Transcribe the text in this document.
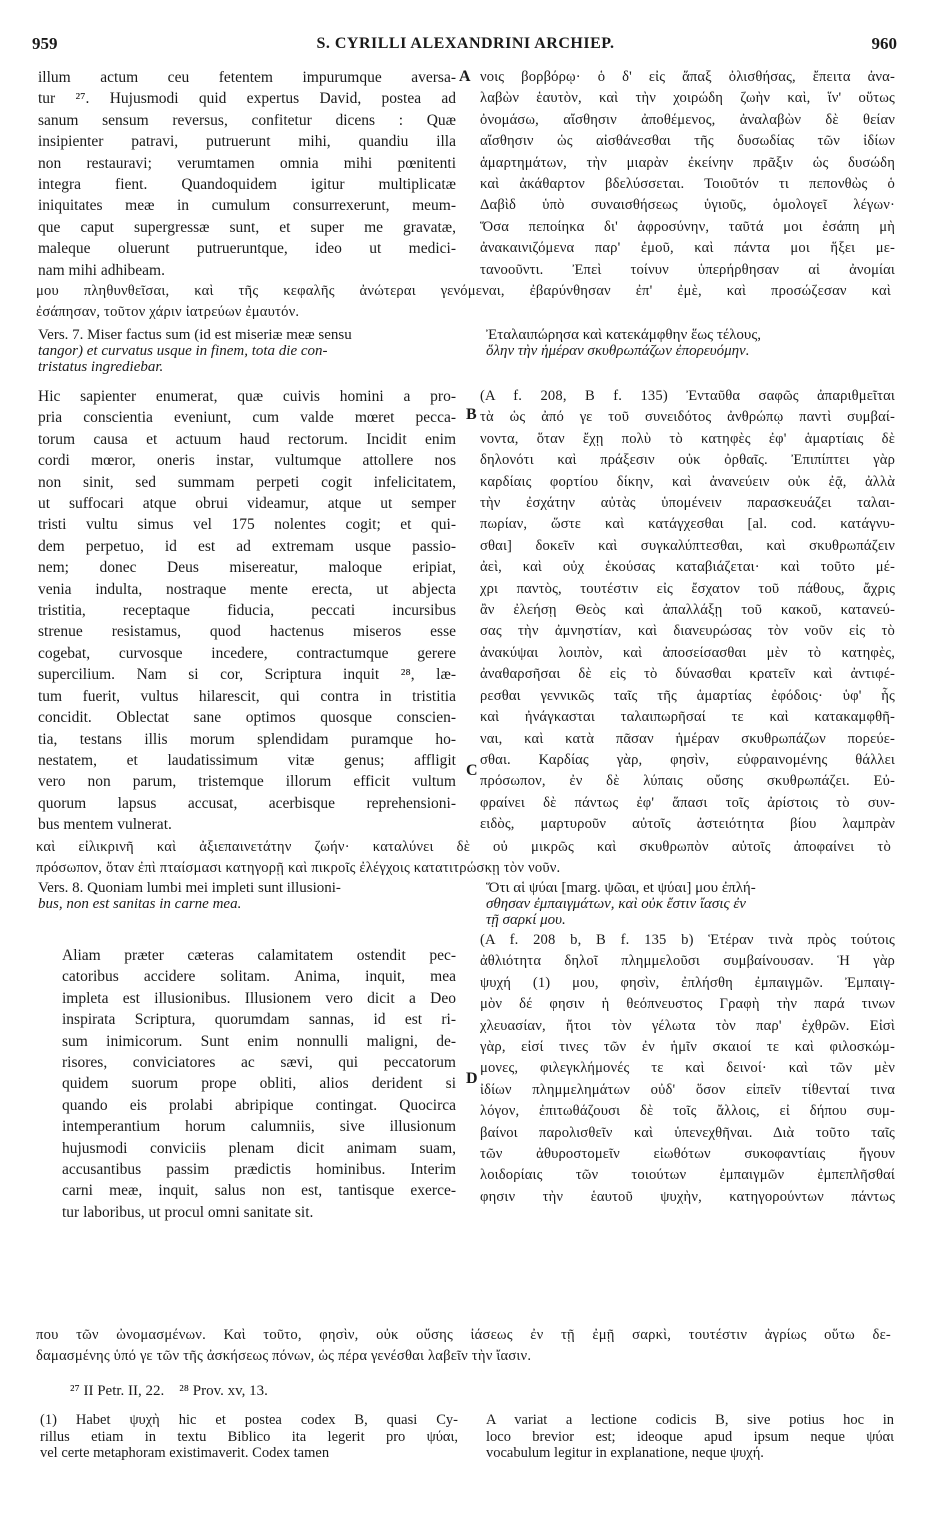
959	S. CYRILLI ALEXANDRINI ARCHIEP.	960
A
B
C
D
illum actum ceu fetentem impurumque aversa-
tur ²⁷. Hujusmodi quid expertus David, postea ad
sanum sensum reversus, confitetur dicens : Quæ
insipienter patravi, putruerunt mihi, quandiu illa
non restauravi; verumtamen omnia mihi pœnitenti
integra fient. Quandoquidem igitur multiplicatæ
iniquitates meæ in cumulum consurrexerunt, meum-
que caput supergressæ sunt, et super me gravatæ,
maleque oluerunt putrueruntque, ideo ut medici-
nam mihi adhibeam.
νοις βορβόρῳ· ὁ δ' εἰς ἅπαξ ὀλισθήσας, ἔπειτα ἀνα-
λαβὼν ἑαυτὸν, καὶ τὴν χοιρώδη ζωὴν καὶ, ἵν' οὕτως
ὀνομάσω, αἴσθησιν ἀποθέμενος, ἀναλαβὼν δὲ θείαν
αἴσθησιν ὡς αἰσθάνεσθαι τῆς δυσωδίας τῶν ἰδίων
ἁμαρτημάτων, τὴν μιαρὰν ἐκείνην πρᾶξιν ὡς δυσώδη
καὶ ἀκάθαρτον βδελύσσεται. Τοιοῦτόν τι πεπονθὼς ὁ
Δαβὶδ ὑπὸ συναισθήσεως ὑγιοῦς, ὁμολογεῖ λέγων·
Ὅσα πεποίηκα δι' ἀφροσύνην, ταῦτά μοι ἐσάπη μὴ
ἀνακαινιζόμενα παρ' ἐμοῦ, καὶ πάντα μοι ἥξει με-
τανοοῦντι. Ἐπεὶ τοίνυν ὑπερήρθησαν αἱ ἀνομίαι
μου πληθυνθεῖσαι, καὶ τῆς κεφαλῆς ἀνώτεραι γενόμεναι, ἐβαρύνθησαν ἐπ' ἐμὲ, καὶ προσώζεσαν καὶ
ἐσάπησαν, τοῦτον χάριν ἰατρεύων ἐμαυτόν.
Vers. 7. Miser factus sum (id est miseriæ meæ sensu
tangor) et curvatus usque in finem, tota die con-
tristatus ingrediebar.
Ἐταλαιπώρησα καὶ κατεκάμφθην ἕως τέλους,
ὅλην τὴν ἡμέραν σκυθρωπάζων ἐπορευόμην.
Hic sapienter enumerat, quæ cuivis homini a pro-
pria conscientia eveniunt, cum valde mœret pecca-
torum causa et actuum haud rectorum. Incidit enim
cordi mœror, oneris instar, vultumque attollere nos
non sinit, sed summam perpeti cogit infelicitatem,
ut suffocari atque obrui videamur, atque ut semper
tristi vultu simus vel 175 nolentes cogit; et qui-
dem perpetuo, id est ad extremam usque passio-
nem; donec Deus misereatur, maloque eripiat,
venia indulta, nostraque mente erecta, ut abjecta
tristitia, receptaque fiducia, peccati incursibus
strenue resistamus, quod hactenus miseros esse
cogebat, curvosque incedere, contractumque gerere
supercilium. Nam si cor, Scriptura inquit ²⁸, læ-
tum fuerit, vultus hilarescit, qui contra in tristitia
concidit. Oblectat sane optimos quosque conscien-
tia, testans illis morum splendidam puramque ho-
nestatem, et laudatissimum vitæ genus; affligit
vero non parum, tristemque illorum efficit vultum
quorum lapsus accusat, acerbisque reprehensioni-
bus mentem vulnerat.
(A f. 208, B f. 135) Ἐνταῦθα σαφῶς ἀπαριθμεῖται
τὰ ὡς ἀπό γε τοῦ συνειδότος ἀνθρώπῳ παντὶ συμβαί-
νοντα, ὅταν ἔχῃ πολὺ τὸ κατηφὲς ἐφ' ἁμαρτίαις δὲ
δηλονότι καὶ πράξεσιν οὐκ ὀρθαῖς. Ἐπιπίπτει γὰρ
καρδίαις φορτίου δίκην, καὶ ἀνανεύειν οὐκ ἐᾷ, ἀλλὰ
τὴν ἐσχάτην αὐτὰς ὑπομένειν παρασκευάζει ταλαι-
πωρίαν, ὥστε καὶ κατάγχεσθαι [al. cod. κατάγνυ-
σθαι] δοκεῖν καὶ συγκαλύπτεσθαι, καὶ σκυθρωπάζειν
ἀεὶ, καὶ οὐχ ἑκούσας καταβιάζεται· καὶ τοῦτο μέ-
χρι παντὸς, τουτέστιν εἰς ἔσχατον τοῦ πάθους, ἄχρις
ἂν ἐλεήσῃ Θεὸς καὶ ἀπαλλάξῃ τοῦ κακοῦ, κατανεύ-
σας τὴν ἀμνηστίαν, καὶ διανευρώσας τὸν νοῦν εἰς τὸ
ἀνακύψαι λοιπὸν, καὶ ἀποσείσασθαι μὲν τὸ κατηφὲς,
ἀναθαρσῆσαι δὲ εἰς τὸ δύνασθαι κρατεῖν καὶ ἀντιφέ-
ρεσθαι γεννικῶς ταῖς τῆς ἁμαρτίας ἐφόδοις· ὑφ' ἧς
καὶ ἠνάγκασται ταλαιπωρῆσαί τε καὶ κατακαμφθῆ-
ναι, καὶ κατὰ πᾶσαν ἡμέραν σκυθρωπάζων πορεύε-
σθαι. Καρδίας γὰρ, φησὶν, εὐφραινομένης θάλλει
πρόσωπον, ἐν δὲ λύπαις οὔσης σκυθρωπάζει. Εὐ-
φραίνει δὲ πάντως ἐφ' ἅπασι τοῖς ἀρίστοις τὸ συν-
ειδὸς, μαρτυροῦν αὐτοῖς ἀστειότητα βίου λαμπρὰν
καὶ εἰλικρινῆ καὶ ἀξιεπαινετάτην ζωήν· καταλύνει δὲ οὐ μικρῶς καὶ σκυθρωπὸν αὐτοῖς ἀποφαίνει τὸ
πρόσωπον, ὅταν ἐπὶ πταίσμασι κατηγορῇ καὶ πικροῖς ἐλέγχοις κατατιτρώσκῃ τὸν νοῦν.
Vers. 8. Quoniam lumbi mei impleti sunt illusioni-
bus, non est sanitas in carne mea.
Ὅτι αἱ ψύαι [marg. ψῶαι, et ψύαι] μου ἐπλή-
σθησαν ἐμπαιγμάτων, καὶ οὐκ ἔστιν ἴασις ἐν
τῇ σαρκί μου.
Aliam præter cæteras calamitatem ostendit pec-
catoribus accidere solitam. Anima, inquit, mea
impleta est illusionibus. Illusionem vero dicit a Deo
inspirata Scriptura, quorumdam sannas, id est ri-
sum inimicorum. Sunt enim nonnulli maligni, de-
risores, conviciatores ac sævi, qui peccatorum
quidem suorum prope obliti, alios derident si
quando eis prolabi abripique contingat. Quocirca
intemperantium horum calumniis, sive illusionum
hujusmodi conviciis plenam dicit animam suam,
accusantibus passim prædictis hominibus. Interim
carni meæ, inquit, salus non est, tantisque exerce-
tur laboribus, ut procul omni sanitate sit.
(A f. 208 b, B f. 135 b) Ἑτέραν τινὰ πρὸς τούτοις
ἀθλιότητα δηλοῖ πλημμελοῦσι συμβαίνουσαν. Ἡ γὰρ
ψυχή (1) μου, φησὶν, ἐπλήσθη ἐμπαιγμῶν. Ἐμπαιγ-
μὸν δέ φησιν ἡ θεόπνευστος Γραφὴ τὴν παρά τινων
χλευασίαν, ἤτοι τὸν γέλωτα τὸν παρ' ἐχθρῶν. Εἰσὶ
γὰρ, εἰσί τινες τῶν ἐν ἡμῖν σκαιοί τε καὶ φιλοσκώμ-
μονες, φιλεγκλήμονές τε καὶ δεινοί· καὶ τῶν μὲν
ἰδίων πλημμελημάτων οὐδ' ὅσον εἰπεῖν τίθενταί τινα
λόγον, ἐπιτωθάζουσι δὲ τοῖς ἄλλοις, εἰ δήπου συμ-
βαίνοι παρολισθεῖν καὶ ὑπενεχθῆναι. Διὰ τοῦτο ταῖς
τῶν ἀθυροστομεῖν εἰωθότων συκοφαντίαις ἤγουν
λοιδορίαις τῶν τοιούτων ἐμπαιγμῶν ἐμπεπλῆσθαί
φησιν τὴν ἑαυτοῦ ψυχὴν, κατηγορούντων πάντως
που τῶν ὠνομασμένων. Καὶ τοῦτο, φησὶν, οὐκ οὔσης ἰάσεως ἐν τῇ ἐμῇ σαρκὶ, τουτέστιν ἀγρίως οὕτω δε-
δαμασμένης ὑπό γε τῶν τῆς ἀσκήσεως πόνων, ὡς πέρα γενέσθαι λαβεῖν τὴν ἴασιν.
²⁷ II Petr. II, 22.    ²⁸ Prov. xv, 13.
(1) Habet ψυχὴ hic et postea codex B, quasi Cy-
rillus etiam in textu Biblico ita legerit pro ψύαι,
vel certe metaphoram existimaverit. Codex tamen
A variat a lectione codicis B, sive potius hoc in
loco brevior est; ideoque apud ipsum neque ψύαι
vocabulum legitur in explanatione, neque ψυχή.
